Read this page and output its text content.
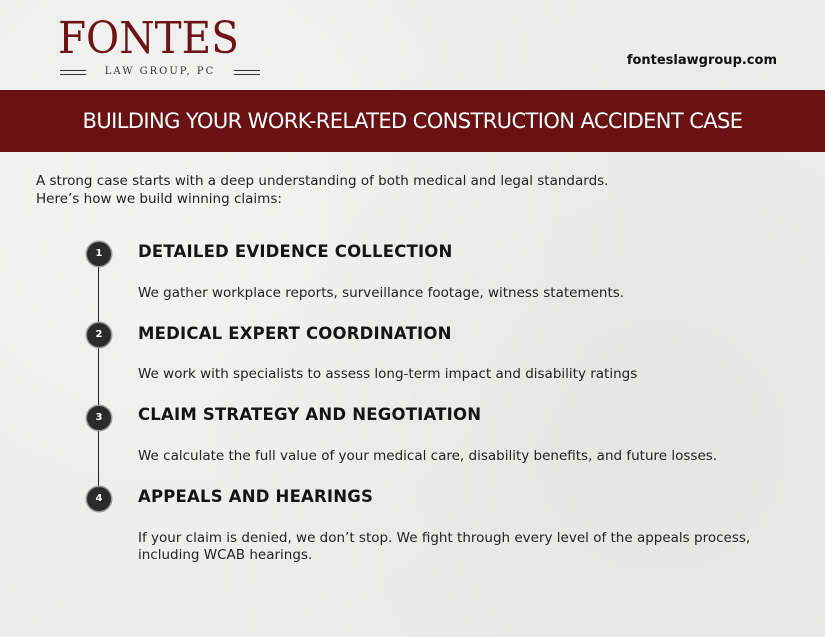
FONTES
LAW GROUP, PC
fonteslawgroup.com
BUILDING YOUR WORK-RELATED CONSTRUCTION ACCIDENT CASE

A strong case starts with a deep understanding of both medical and legal standards.

Here’s how we build winning claims:

1	DETAILED EVIDENCE COLLECTION
We gather workplace reports, surveillance footage, witness statements.
2	MEDICAL EXPERT COORDINATION
We work with specialists to assess long-term impact and disability ratings
3	CLAIM STRATEGY AND NEGOTIATION
We calculate the full value of your medical care, disability benefits, and future losses.
4	APPEALS AND HEARINGS
If your claim is denied, we don’t stop. We fight through every level of the appeals process, including WCAB hearings.
